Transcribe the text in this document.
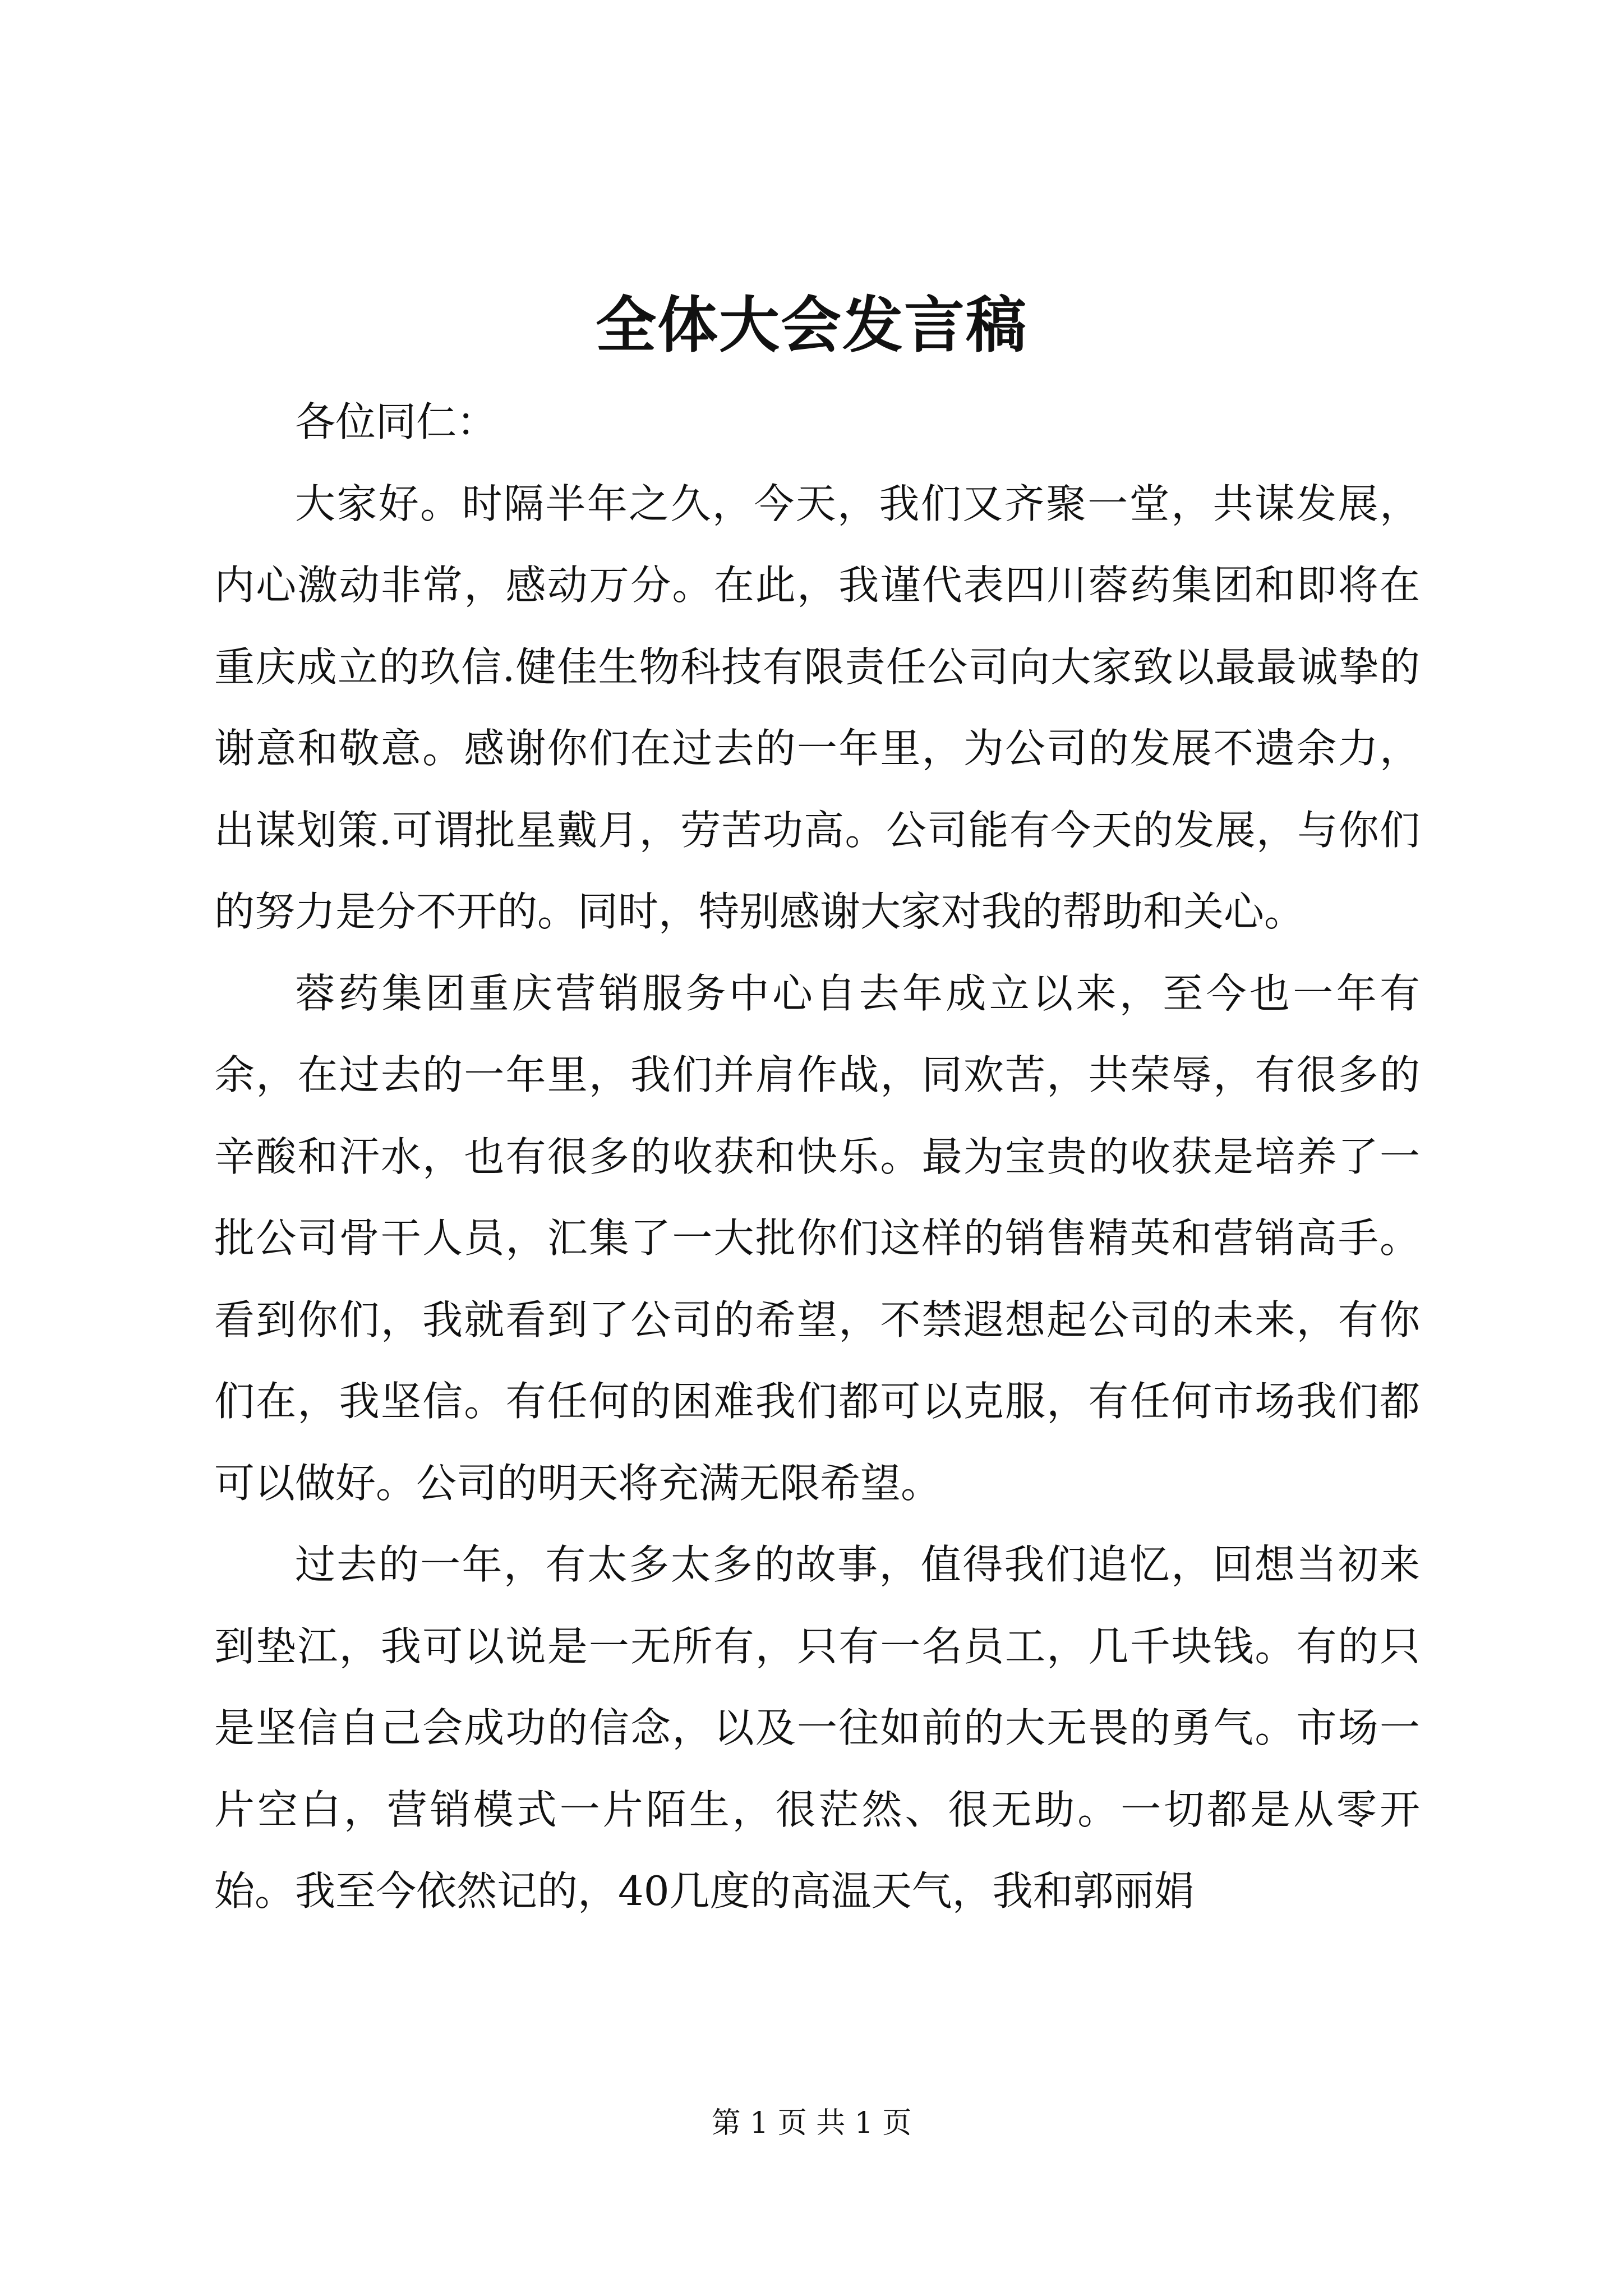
全体大会发言稿

各位同仁：

大家好。时隔半年之久，今天，我们又齐聚一堂，共谋发展，内心激动非常，感动万分。在此，我谨代表四川蓉药集团和即将在重庆成立的玖信.健佳生物科技有限责任公司向大家致以最最诚挚的谢意和敬意。感谢你们在过去的一年里，为公司的发展不遗余力，出谋划策.可谓批星戴月，劳苦功高。公司能有今天的发展，与你们的努力是分不开的。同时，特别感谢大家对我的帮助和关心。

蓉药集团重庆营销服务中心自去年成立以来，至今也一年有余，在过去的一年里，我们并肩作战，同欢苦，共荣辱，有很多的辛酸和汗水，也有很多的收获和快乐。最为宝贵的收获是培养了一批公司骨干人员，汇集了一大批你们这样的销售精英和营销高手。看到你们，我就看到了公司的希望，不禁遐想起公司的未来，有你们在，我坚信。有任何的困难我们都可以克服，有任何市场我们都可以做好。公司的明天将充满无限希望。

过去的一年，有太多太多的故事，值得我们追忆，回想当初来到垫江，我可以说是一无所有，只有一名员工，几千块钱。有的只是坚信自己会成功的信念，以及一往如前的大无畏的勇气。市场一片空白，营销模式一片陌生，很茫然、很无助。一切都是从零开始。我至今依然记的，40几度的高温天气，我和郭丽娟

第 1 页 共 1 页
